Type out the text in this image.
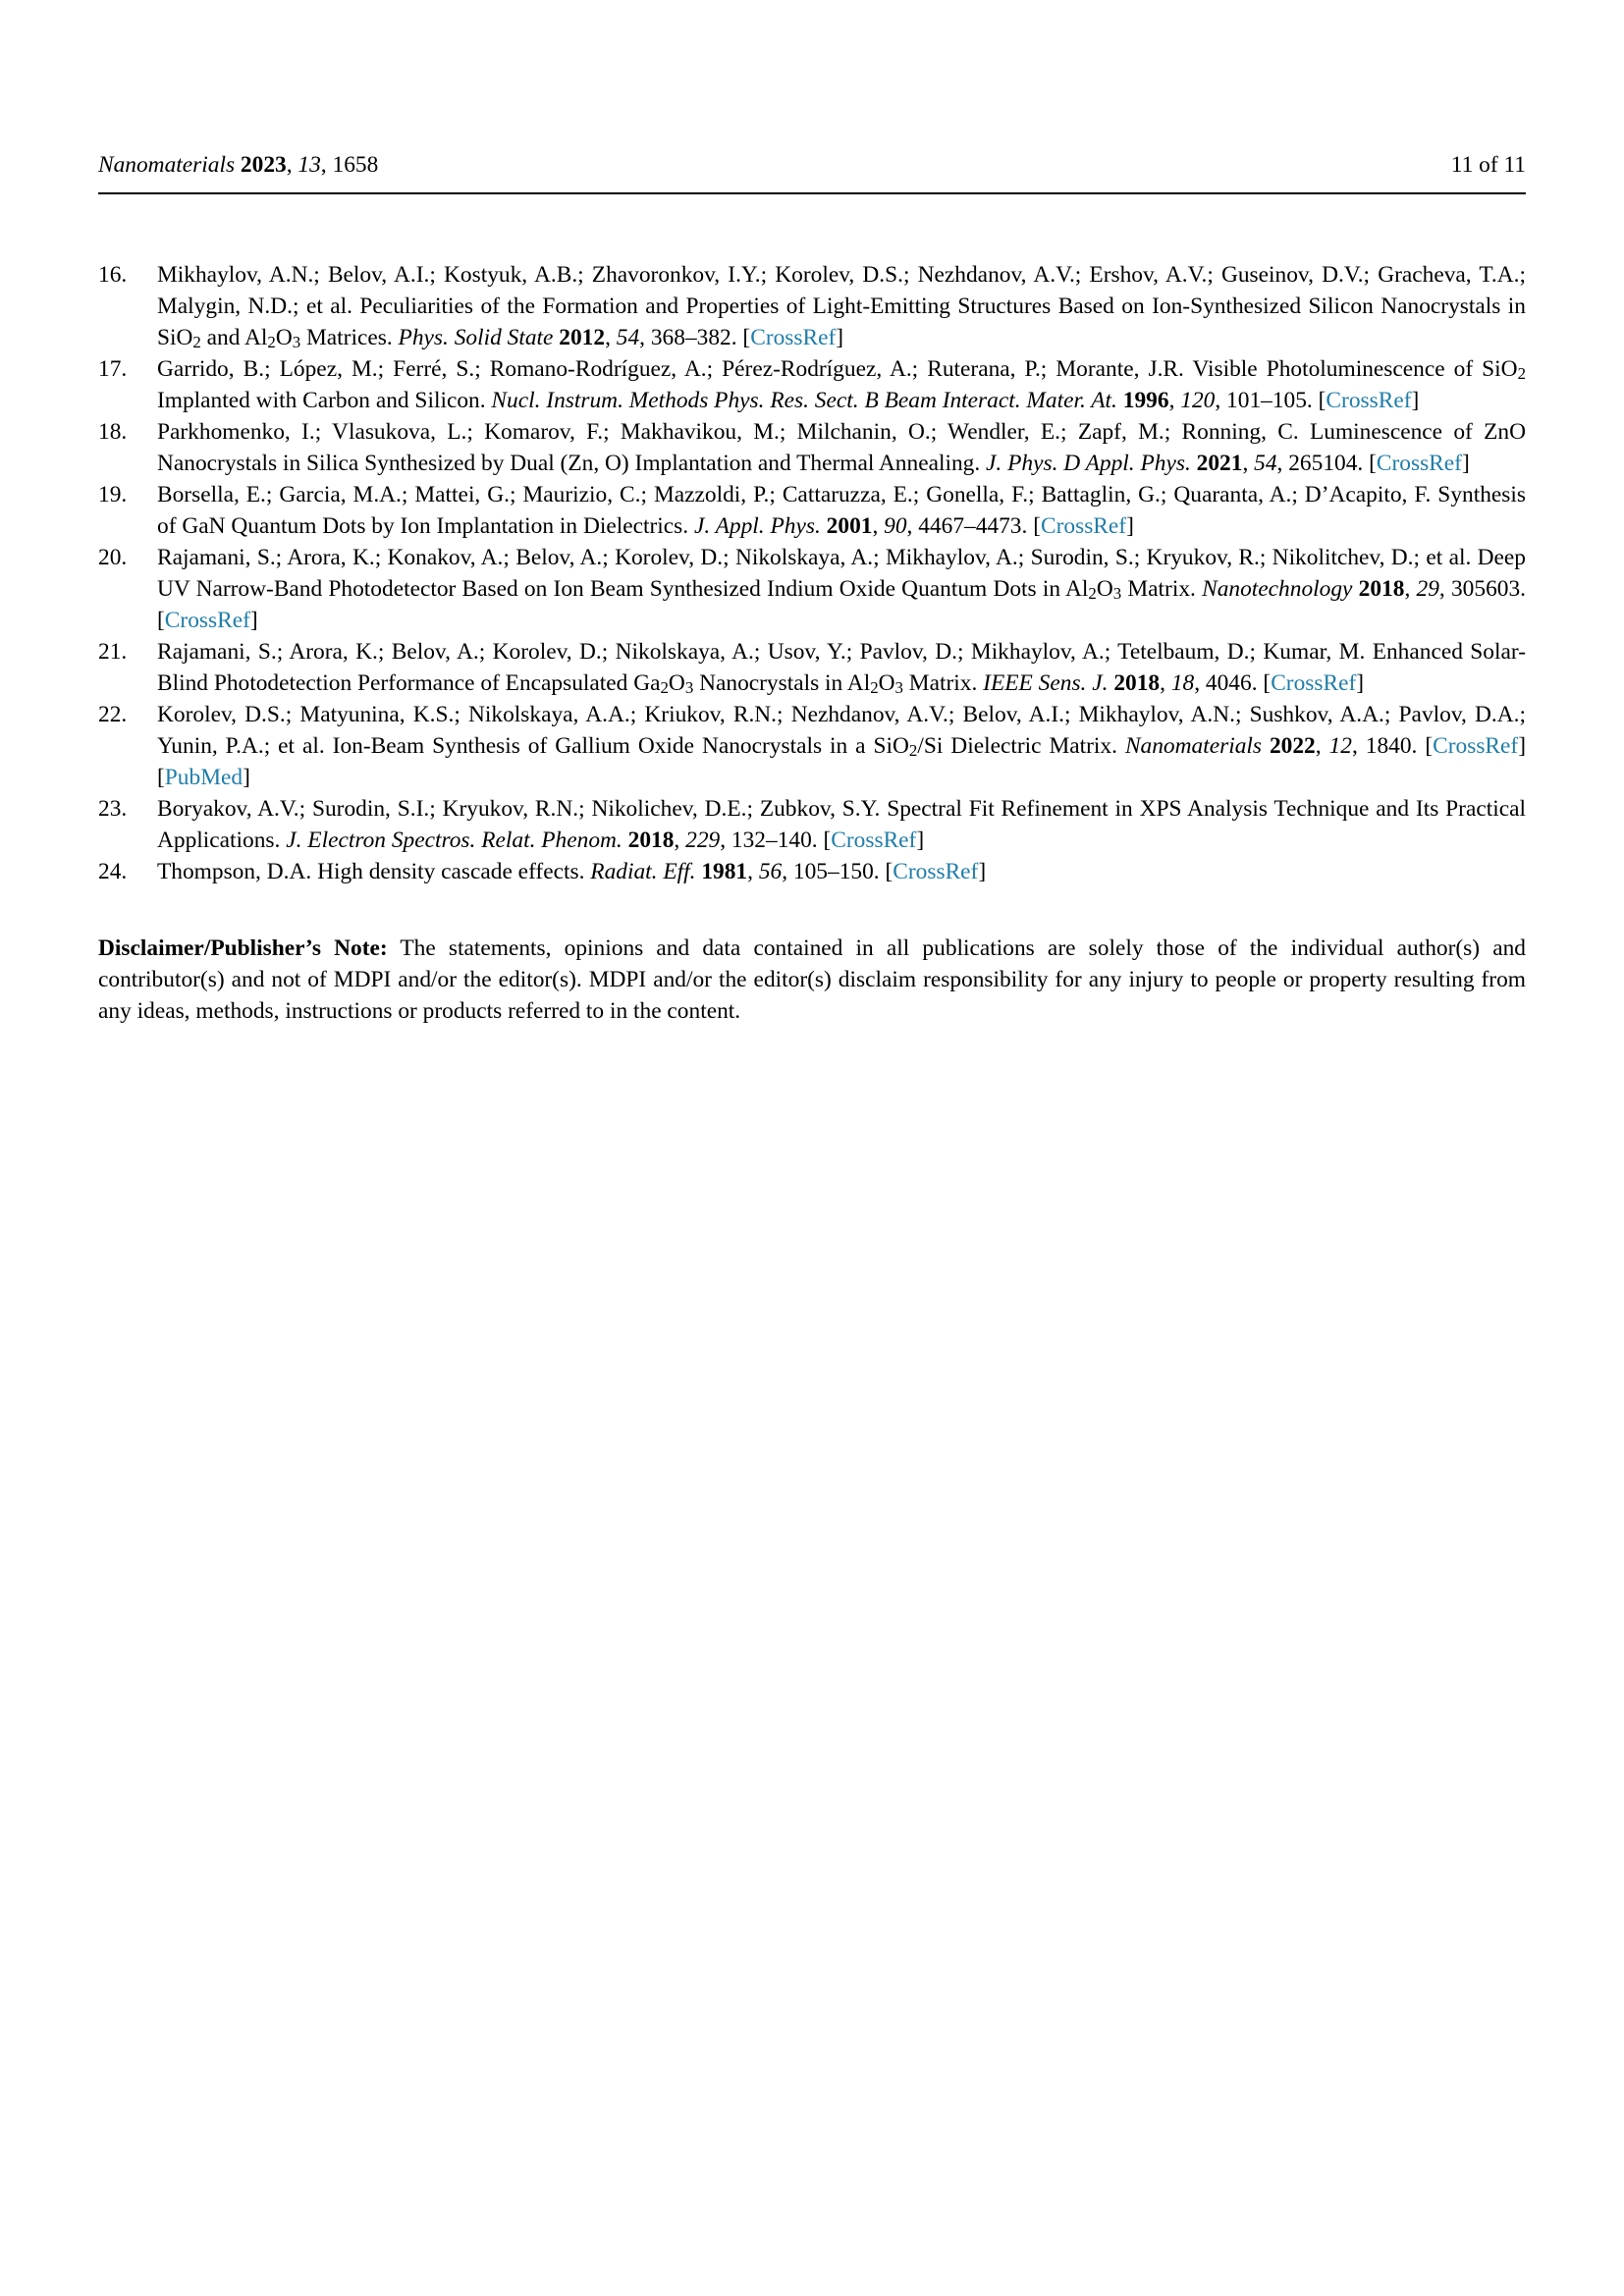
Nanomaterials 2023, 13, 1658	11 of 11
16.	Mikhaylov, A.N.; Belov, A.I.; Kostyuk, A.B.; Zhavoronkov, I.Y.; Korolev, D.S.; Nezhdanov, A.V.; Ershov, A.V.; Guseinov, D.V.; Gracheva, T.A.; Malygin, N.D.; et al. Peculiarities of the Formation and Properties of Light-Emitting Structures Based on Ion-Synthesized Silicon Nanocrystals in SiO$_2$ and $Al_2O_3$ Matrices. Phys. Solid State 2012, 54, 368–382. [CrossRef]
17.	Garrido, B.; López, M.; Ferré, S.; Romano-Rodríguez, A.; Pérez-Rodríguez, A.; Ruterana, P.; Morante, J.R. Visible Photoluminescence of SiO$_2$ Implanted with Carbon and Silicon. Nucl. Instrum. Methods Phys. Res. Sect. B Beam Interact. Mater. At. 1996, 120, 101–105. [CrossRef]
18.	Parkhomenko, I.; Vlasukova, L.; Komarov, F.; Makhavikou, M.; Milchanin, O.; Wendler, E.; Zapf, M.; Ronning, C. Luminescence of ZnO Nanocrystals in Silica Synthesized by Dual (Zn, O) Implantation and Thermal Annealing. J. Phys. D Appl. Phys. 2021, 54, 265104. [CrossRef]
19.	Borsella, E.; Garcia, M.A.; Mattei, G.; Maurizio, C.; Mazzoldi, P.; Cattaruzza, E.; Gonella, F.; Battaglin, G.; Quaranta, A.; D’Acapito, F. Synthesis of GaN Quantum Dots by Ion Implantation in Dielectrics. J. Appl. Phys. 2001, 90, 4467–4473. [CrossRef]
20.	Rajamani, S.; Arora, K.; Konakov, A.; Belov, A.; Korolev, D.; Nikolskaya, A.; Mikhaylov, A.; Surodin, S.; Kryukov, R.; Nikolitchev, D.; et al. Deep UV Narrow-Band Photodetector Based on Ion Beam Synthesized Indium Oxide Quantum Dots in $Al_2O_3$ Matrix. Nanotechnology 2018, 29, 305603. [CrossRef]
21.	Rajamani, S.; Arora, K.; Belov, A.; Korolev, D.; Nikolskaya, A.; Usov, Y.; Pavlov, D.; Mikhaylov, A.; Tetelbaum, D.; Kumar, M. Enhanced Solar-Blind Photodetection Performance of Encapsulated $Ga_2O_3$ Nanocrystals in $Al_2O_3$ Matrix. IEEE Sens. J. 2018, 18, 4046. [CrossRef]
22.	Korolev, D.S.; Matyunina, K.S.; Nikolskaya, A.A.; Kriukov, R.N.; Nezhdanov, A.V.; Belov, A.I.; Mikhaylov, A.N.; Sushkov, A.A.; Pavlov, D.A.; Yunin, P.A.; et al. Ion-Beam Synthesis of Gallium Oxide Nanocrystals in a SiO$_2$/Si Dielectric Matrix. Nanomaterials 2022, 12, 1840. [CrossRef] [PubMed]
23.	Boryakov, A.V.; Surodin, S.I.; Kryukov, R.N.; Nikolichev, D.E.; Zubkov, S.Y. Spectral Fit Refinement in XPS Analysis Technique and Its Practical Applications. J. Electron Spectros. Relat. Phenom. 2018, 229, 132–140. [CrossRef]
24.	Thompson, D.A. High density cascade effects. Radiat. Eff. 1981, 56, 105–150. [CrossRef]

Disclaimer/Publisher’s Note: The statements, opinions and data contained in all publications are solely those of the individual author(s) and contributor(s) and not of MDPI and/or the editor(s). MDPI and/or the editor(s) disclaim responsibility for any injury to people or property resulting from any ideas, methods, instructions or products referred to in the content.
